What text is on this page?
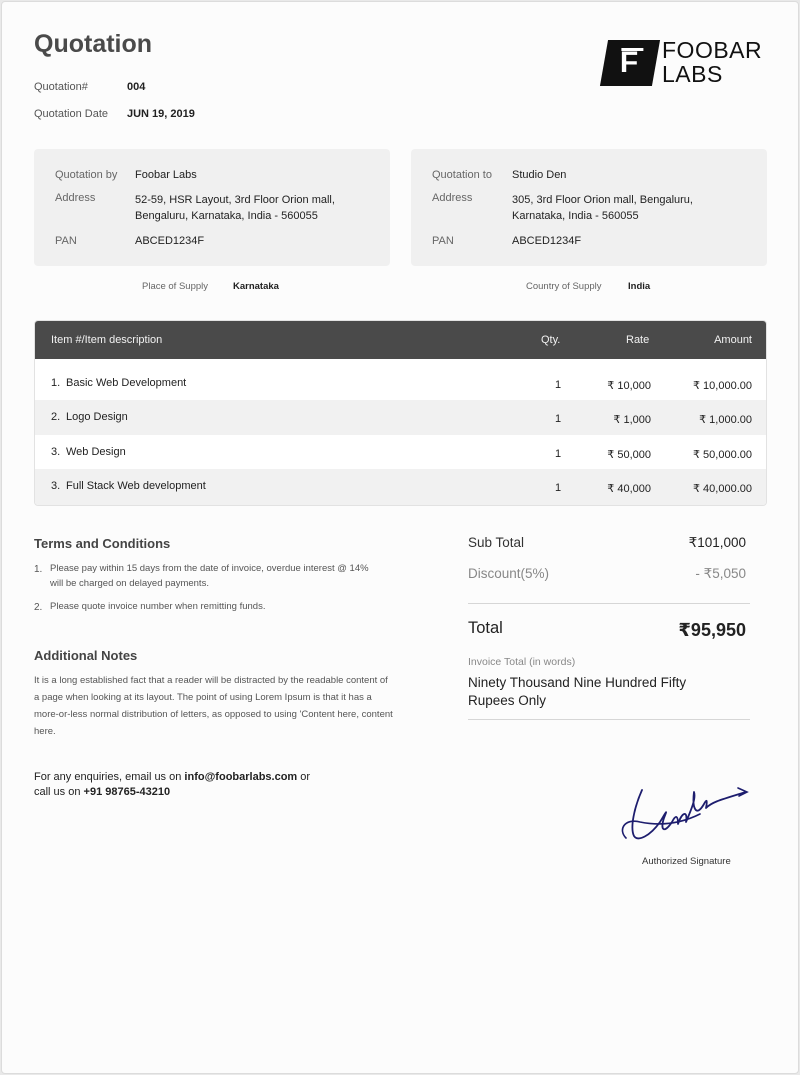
Quotation
Quotation#	004
Quotation Date JUN 19, 2019
F FOOBAR
LABS
Quotation by Foobar Labs
Address	52-59, HSR Layout, 3rd Floor Orion mall,
Bengaluru, Karnataka, India - 560055
PAN	ABCED1234F
Quotation to Studio Den
Address	305, 3rd Floor Orion mall, Bengaluru,
Karnataka, India - 560055
PAN	ABCED1234F
Place of Supply	Karnataka	Country of Supply	India
Item #/Item description	Qty.	Rate	Amount
1. Basic Web Development	1	₹ 10,000	₹ 10,000.00
2. Logo Design	1	₹ 1,000	₹ 1,000.00
3. Web Design	1	₹ 50,000	₹ 50,000.00
3. Full Stack Web development	1	₹ 40,000	₹ 40,000.00
Terms and Conditions
1. Please pay within 15 days from the date of invoice, overdue interest @ 14%
will be charged on delayed payments.
2. Please quote invoice number when remitting funds.
Additional Notes
It is a long established fact that a reader will be distracted by the readable content of a page when looking at its layout. The point of using Lorem Ipsum is that it has a more-or-less normal distribution of letters, as opposed to using 'Content here, content here.
For any enquiries, email us on info@foobarlabs.com or
call us on +91 98765-43210
Sub Total	₹101,000
Discount(5%)	- ₹5,050
Total	₹95,950
Invoice Total (in words)
Ninety Thousand Nine Hundred Fifty
Rupees Only
Authorized Signature
